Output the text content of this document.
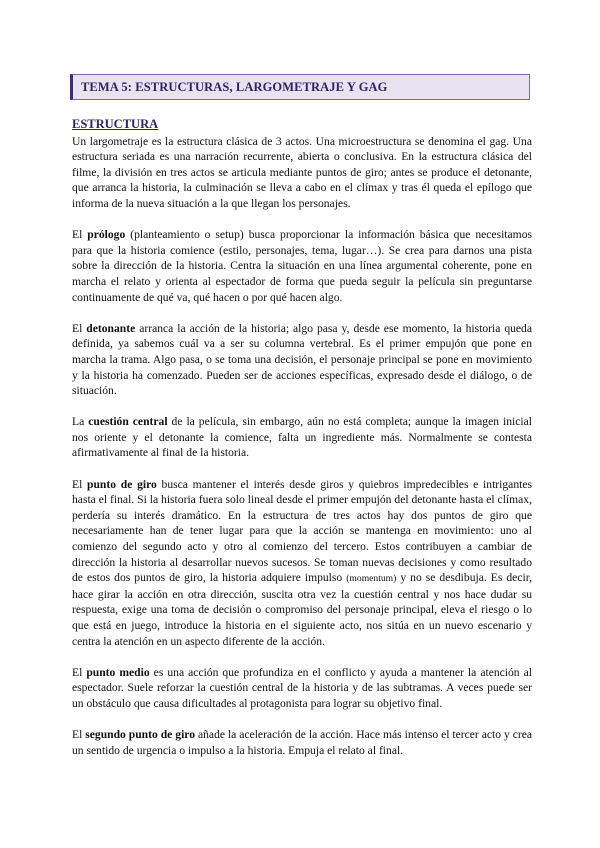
TEMA 5: ESTRUCTURAS, LARGOMETRAJE Y GAG
ESTRUCTURA

Un largometraje es la estructura clásica de 3 actos. Una microestructura se denomina el gag. Una estructura seriada es una narración recurrente, abierta o conclusiva. En la estructura clásica del filme, la división en tres actos se articula mediante puntos de giro; antes se produce el detonante, que arranca la historia, la culminación se lleva a cabo en el clímax y tras él queda el epílogo que informa de la nueva situación a la que llegan los personajes.

El prólogo (planteamiento o setup) busca proporcionar la información básica que necesitamos para que la historia comience (estilo, personajes, tema, lugar…). Se crea para darnos una pista sobre la dirección de la historia. Centra la situación en una línea argumental coherente, pone en marcha el relato y orienta al espectador de forma que pueda seguir la película sin preguntarse continuamente de qué va, qué hacen o por qué hacen algo.

El detonante arranca la acción de la historia; algo pasa y, desde ese momento, la historia queda definida, ya sabemos cuál va a ser su columna vertebral. Es el primer empujón que pone en marcha la trama. Algo pasa, o se toma una decisión, el personaje principal se pone en movimiento y la historia ha comenzado. Pueden ser de acciones específicas, expresado desde el diálogo, o de situación.

La cuestión central de la película, sin embargo, aún no está completa; aunque la imagen inicial nos oriente y el detonante la comience, falta un ingrediente más. Normalmente se contesta afirmativamente al final de la historia.

El punto de giro busca mantener el interés desde giros y quiebros impredecibles e intrigantes hasta el final. Si la historia fuera solo lineal desde el primer empujón del detonante hasta el clímax, perdería su interés dramático. En la estructura de tres actos hay dos puntos de giro que necesariamente han de tener lugar para que la acción se mantenga en movimiento: uno al comienzo del segundo acto y otro al comienzo del tercero. Estos contribuyen a cambiar de dirección la historia al desarrollar nuevos sucesos. Se toman nuevas decisiones y como resultado de estos dos puntos de giro, la historia adquiere impulso (momentum) y no se desdibuja. Es decir, hace girar la acción en otra dirección, suscita otra vez la cuestión central y nos hace dudar su respuesta, exige una toma de decisión o compromiso del personaje principal, eleva el riesgo o lo que está en juego, introduce la historia en el siguiente acto, nos sitúa en un nuevo escenario y centra la atención en un aspecto diferente de la acción.

El punto medio es una acción que profundiza en el conflicto y ayuda a mantener la atención al espectador. Suele reforzar la cuestión central de la historia y de las subtramas. A veces puede ser un obstáculo que causa dificultades al protagonista para lograr su objetivo final.

El segundo punto de giro añade la aceleración de la acción. Hace más intenso el tercer acto y crea un sentido de urgencia o impulso a la historia. Empuja el relato al final.
